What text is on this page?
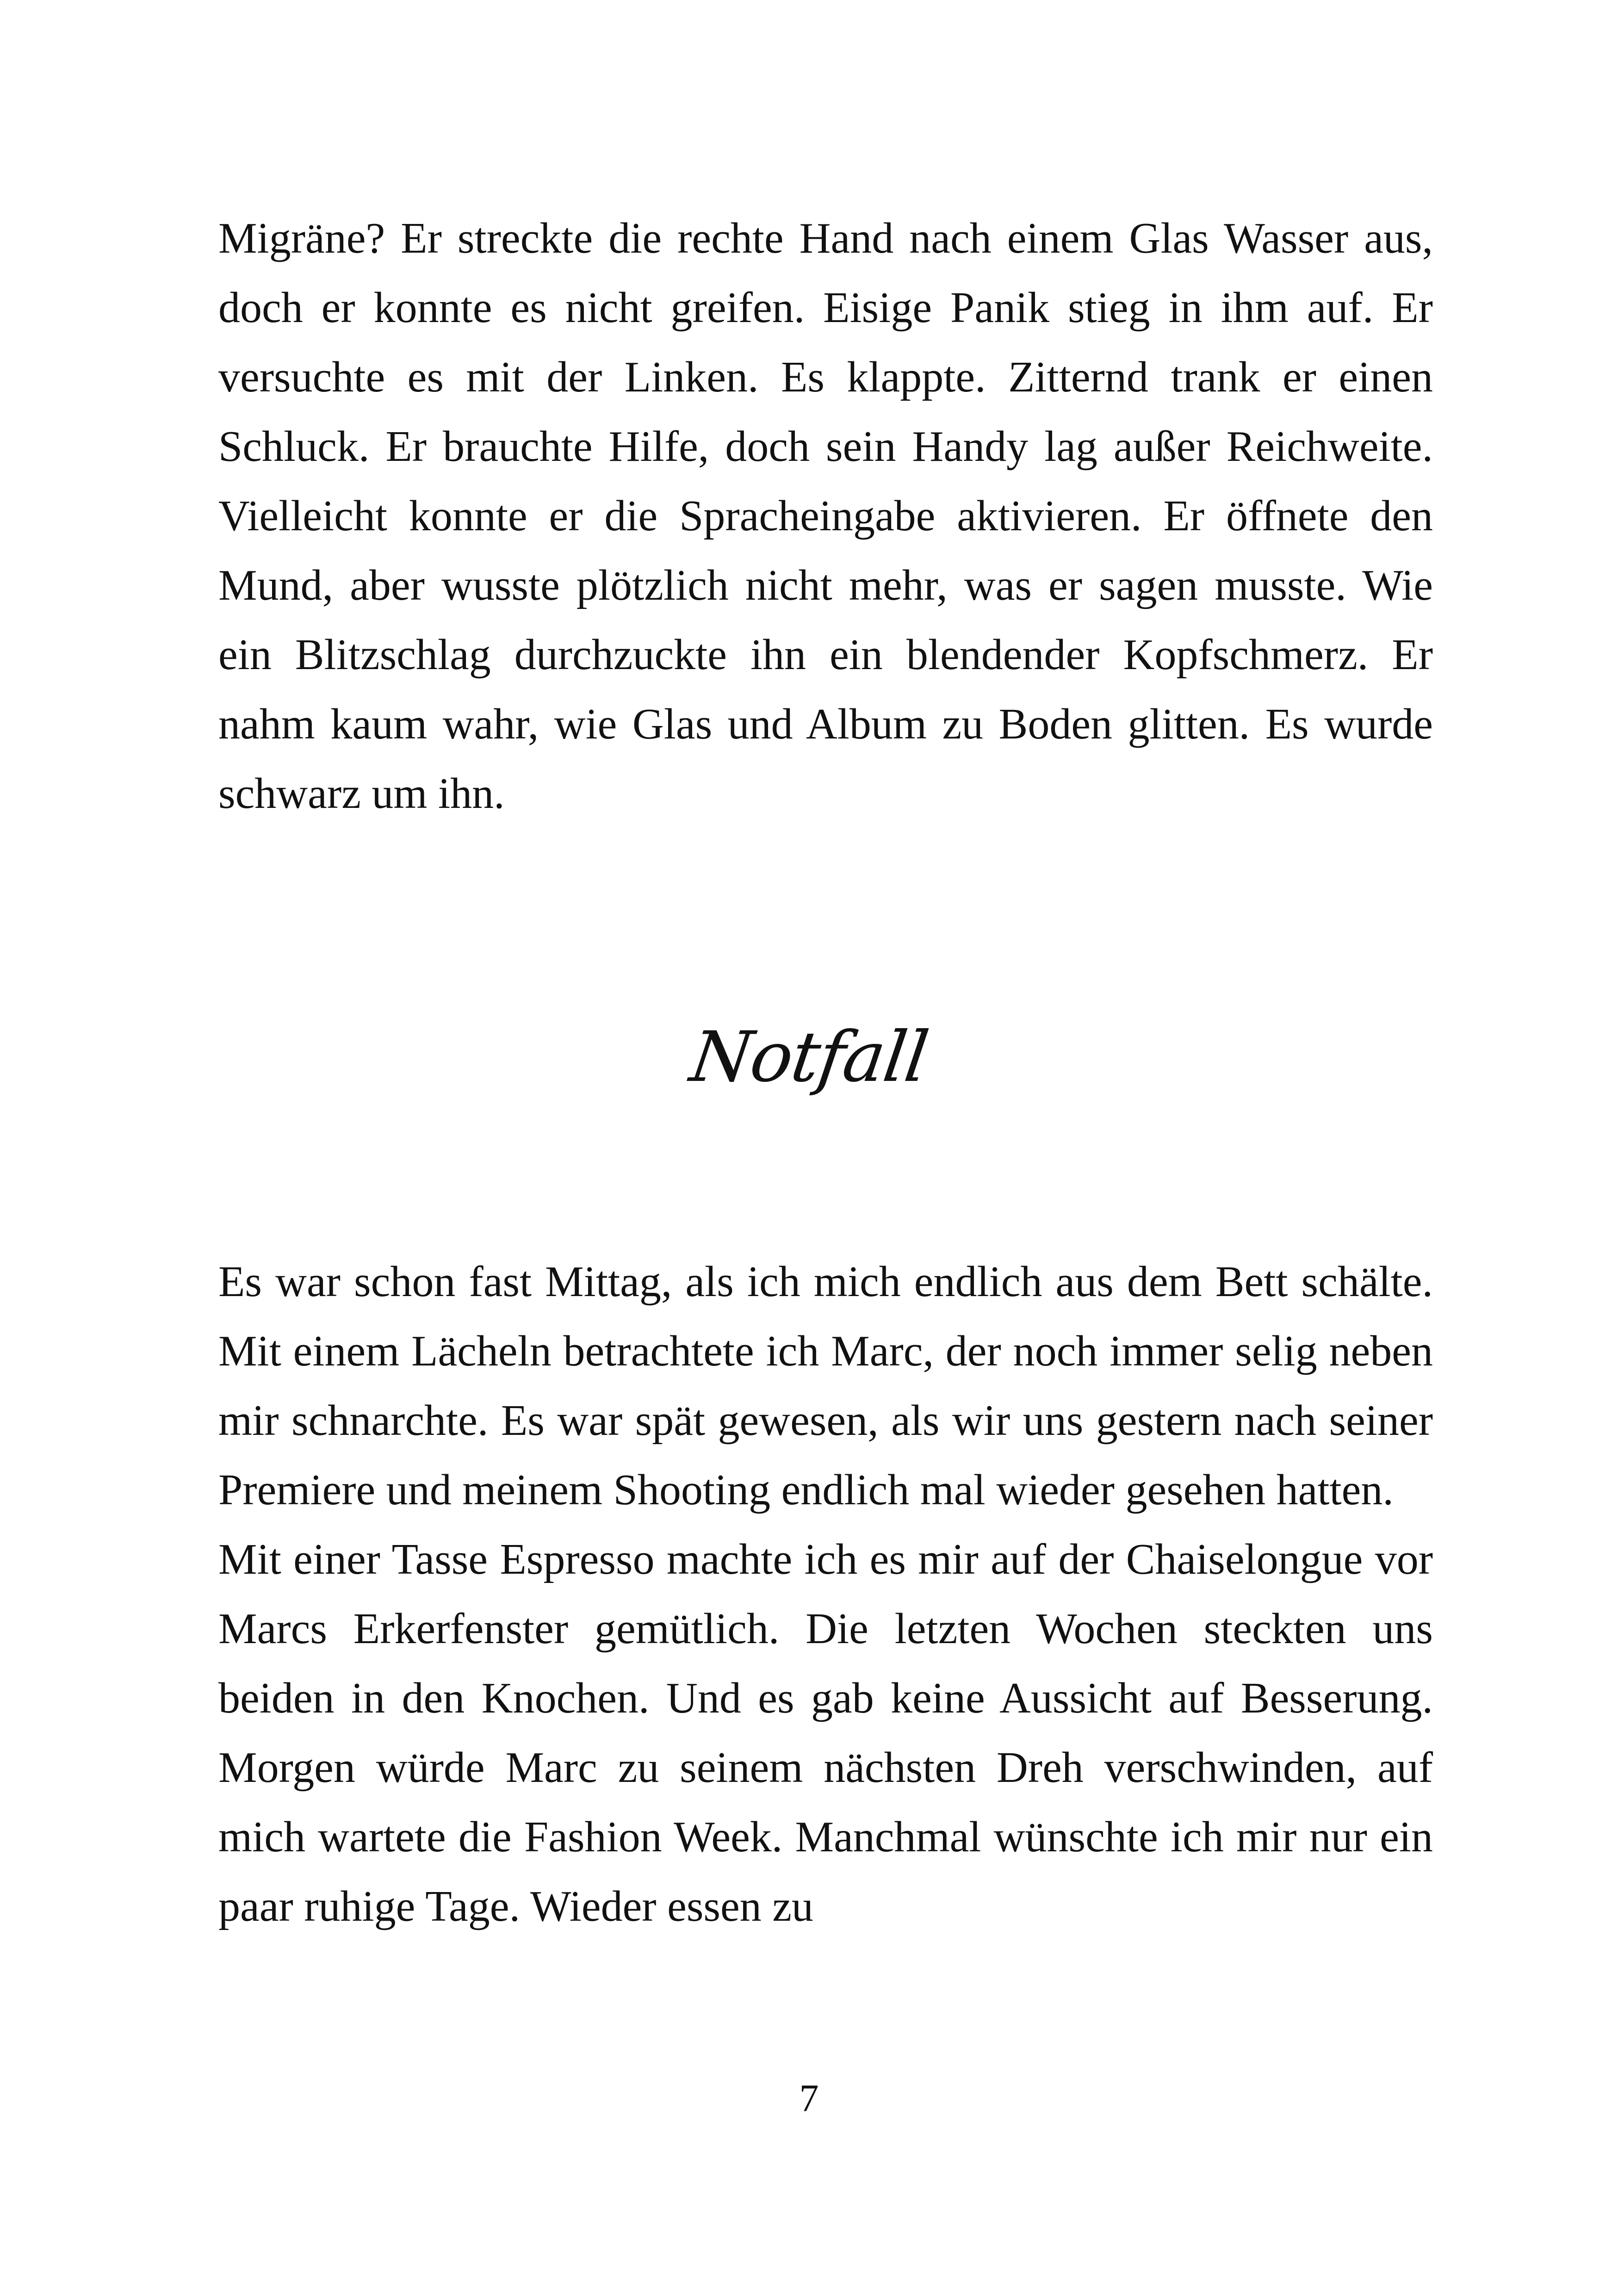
Migräne? Er streckte die rechte Hand nach einem Glas Wasser aus, doch er konnte es nicht greifen. Eisige Panik stieg in ihm auf. Er versuchte es mit der Linken. Es klappte. Zitternd trank er einen Schluck. Er brauchte Hilfe, doch sein Handy lag außer Reichweite. Vielleicht konnte er die Spracheingabe aktivieren. Er öffnete den Mund, aber wusste plötzlich nicht mehr, was er sagen musste. Wie ein Blitzschlag durchzuckte ihn ein blendender Kopfschmerz. Er nahm kaum wahr, wie Glas und Album zu Boden glitten. Es wurde schwarz um ihn.

Notfall

Es war schon fast Mittag, als ich mich endlich aus dem Bett schälte. Mit einem Lächeln betrachtete ich Marc, der noch immer selig neben mir schnarchte. Es war spät gewesen, als wir uns gestern nach seiner Premiere und meinem Shooting endlich mal wieder gesehen hatten.

Mit einer Tasse Espresso machte ich es mir auf der Chaiselongue vor Marcs Erkerfenster gemütlich. Die letzten Wochen steckten uns beiden in den Knochen. Und es gab keine Aussicht auf Besserung. Morgen würde Marc zu seinem nächsten Dreh verschwinden, auf mich wartete die Fashion Week. Manchmal wünschte ich mir nur ein paar ruhige Tage. Wieder essen zu

7
